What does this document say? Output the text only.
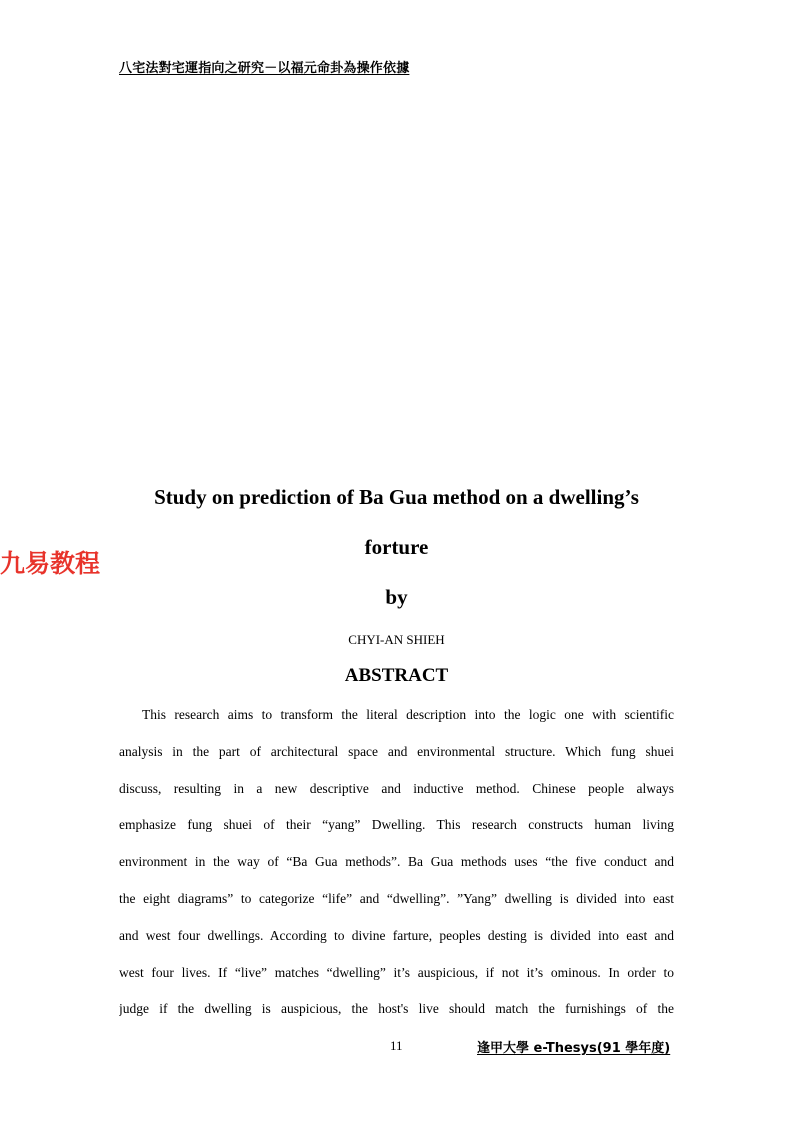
八宅法對宅運指向之研究－以福元命卦為操作依據
九易教程
Study on prediction of Ba Gua method on a dwelling’s
forture
by
CHYI-AN SHIEH
ABSTRACT
This research aims to transform the literal description into the logic one with scientific
analysis in the part of architectural space and environmental structure. Which fung shuei
discuss, resulting in a new descriptive and inductive method. Chinese people always
emphasize fung shuei of their “yang” Dwelling. This research constructs human living
environment in the way of “Ba Gua methods”. Ba Gua methods uses “the five conduct and
the eight diagrams” to categorize “life” and “dwelling”. ”Yang” dwelling is divided into east
and west four dwellings. According to divine farture, peoples desting is divided into east and
west four lives. If “live” matches “dwelling” it’s auspicious, if not it’s ominous. In order to
judge if the dwelling is auspicious, the host's live should match the furnishings of the
11	逢甲大學 e-Thesys(91 學年度)
